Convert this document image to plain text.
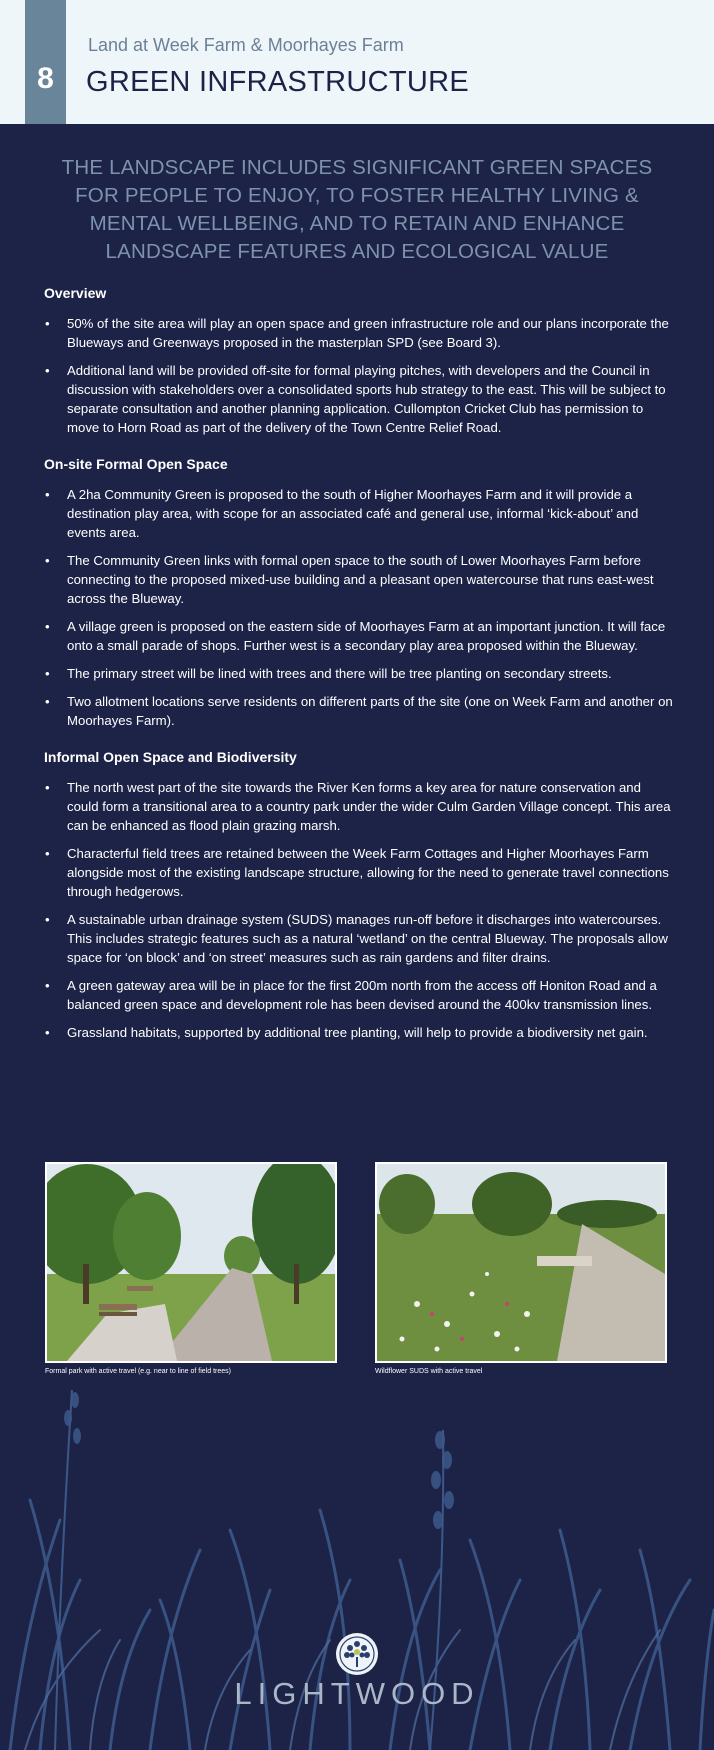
8
Land at Week Farm & Moorhayes Farm
GREEN INFRASTRUCTURE
THE LANDSCAPE INCLUDES SIGNIFICANT GREEN SPACES FOR PEOPLE TO ENJOY, TO FOSTER HEALTHY LIVING & MENTAL WELLBEING, AND TO RETAIN AND ENHANCE LANDSCAPE FEATURES AND ECOLOGICAL VALUE
Overview
• 50% of the site area will play an open space and green infrastructure role and our plans incorporate the Blueways and Greenways proposed in the masterplan SPD (see Board 3).
• Additional land will be provided off-site for formal playing pitches, with developers and the Council in discussion with stakeholders over a consolidated sports hub strategy to the east. This will be subject to separate consultation and another planning application. Cullompton Cricket Club has permission to move to Horn Road as part of the delivery of the Town Centre Relief Road.
On-site Formal Open Space
• A 2ha Community Green is proposed to the south of Higher Moorhayes Farm and it will provide a destination play area, with scope for an associated café and general use, informal ‘kick-about’ and events area.
• The Community Green links with formal open space to the south of Lower Moorhayes Farm before connecting to the proposed mixed-use building and a pleasant open watercourse that runs east-west across the Blueway.
• A village green is proposed on the eastern side of Moorhayes Farm at an important junction. It will face onto a small parade of shops. Further west is a secondary play area proposed within the Blueway.
• The primary street will be lined with trees and there will be tree planting on secondary streets.
• Two allotment locations serve residents on different parts of the site (one on Week Farm and another on Moorhayes Farm).
Informal Open Space and Biodiversity
• The north west part of the site towards the River Ken forms a key area for nature conservation and could form a transitional area to a country park under the wider Culm Garden Village concept. This area can be enhanced as flood plain grazing marsh.
• Characterful field trees are retained between the Week Farm Cottages and Higher Moorhayes Farm alongside most of the existing landscape structure, allowing for the need to generate travel connections through hedgerows.
• A sustainable urban drainage system (SUDS) manages run-off before it discharges into watercourses. This includes strategic features such as a natural ‘wetland’ on the central Blueway. The proposals allow space for ‘on block’ and ‘on street’ measures such as rain gardens and filter drains.
• A green gateway area will be in place for the first 200m north from the access off Honiton Road and a balanced green space and development role has been devised around the 400kv transmission lines.
• Grassland habitats, supported by additional tree planting, will help to provide a biodiversity net gain.
Formal park with active travel (e.g. near to line of field trees)	Wildflower SUDS with active travel
LIGHTWOOD
